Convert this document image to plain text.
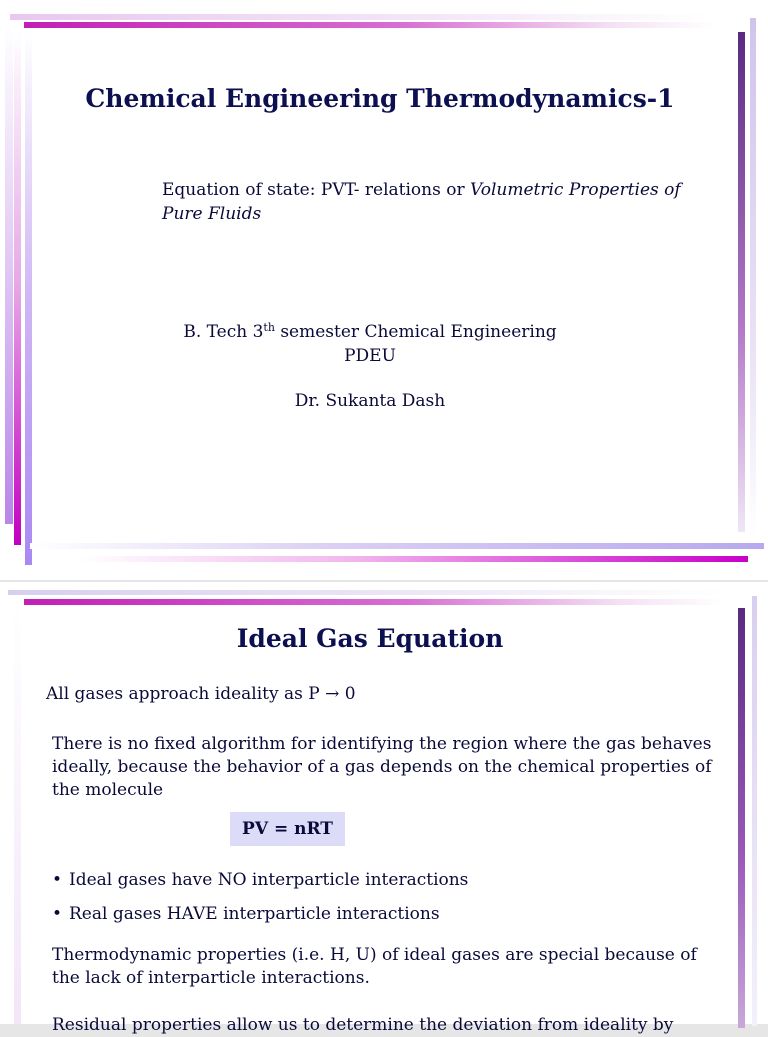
Chemical Engineering Thermodynamics-1
Equation of state: PVT- relations or Volumetric Properties of Pure Fluids
B. Tech 3th semester Chemical Engineering
PDEU
Dr. Sukanta Dash
Ideal Gas Equation
All gases approach ideality as P → 0
There is no fixed algorithm for identifying the region where the gas behaves ideally, because the behavior of a gas depends on the chemical properties of the molecule
PV = nRT
• Ideal gases have NO interparticle interactions
• Real gases HAVE interparticle interactions
Thermodynamic properties (i.e. H, U) of ideal gases are special because of the lack of interparticle interactions.
Residual properties allow us to determine the deviation from ideality by
